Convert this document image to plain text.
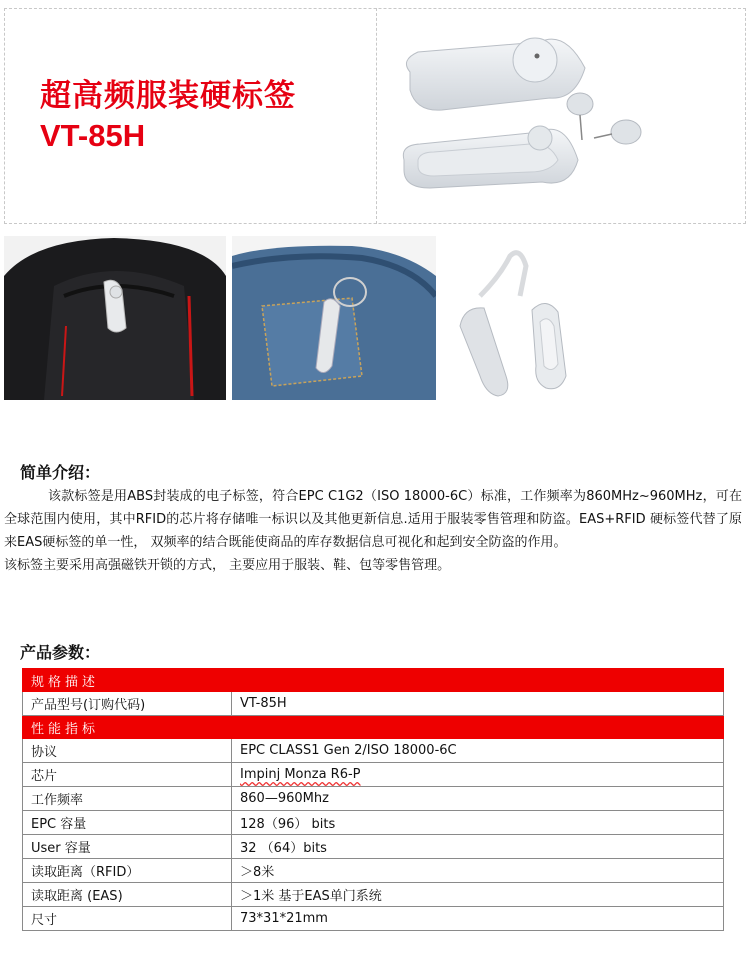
超高频服装硬标签
VT-85H
简单介绍：

该款标签是用ABS封装成的电子标签，符合EPC C1G2（ISO 18000-6C）标准，工作频率为860MHz~960MHz，可在全球范围内使用，其中RFID的芯片将存储唯一标识以及其他更新信息.适用于服装零售管理和防盗。EAS+RFID 硬标签代替了原来EAS硬标签的单一性， 双频率的结合既能使商品的库存数据信息可视化和起到安全防盗的作用。

该标签主要采用高强磁铁开锁的方式， 主要应用于服装、鞋、包等零售管理。

产品参数：
规格描述	
产品型号(订购代码)	VT-85H
性能指标	
协议	EPC CLASS1 Gen 2/ISO 18000-6C
芯片	Impinj Monza R6-P
工作频率	860—960Mhz
EPC 容量	128（96） bits
User 容量	32 （64）bits
读取距离（RFID）	＞8米
读取距离 (EAS)	＞1米 基于EAS单门系统
尺寸	73*31*21mm
